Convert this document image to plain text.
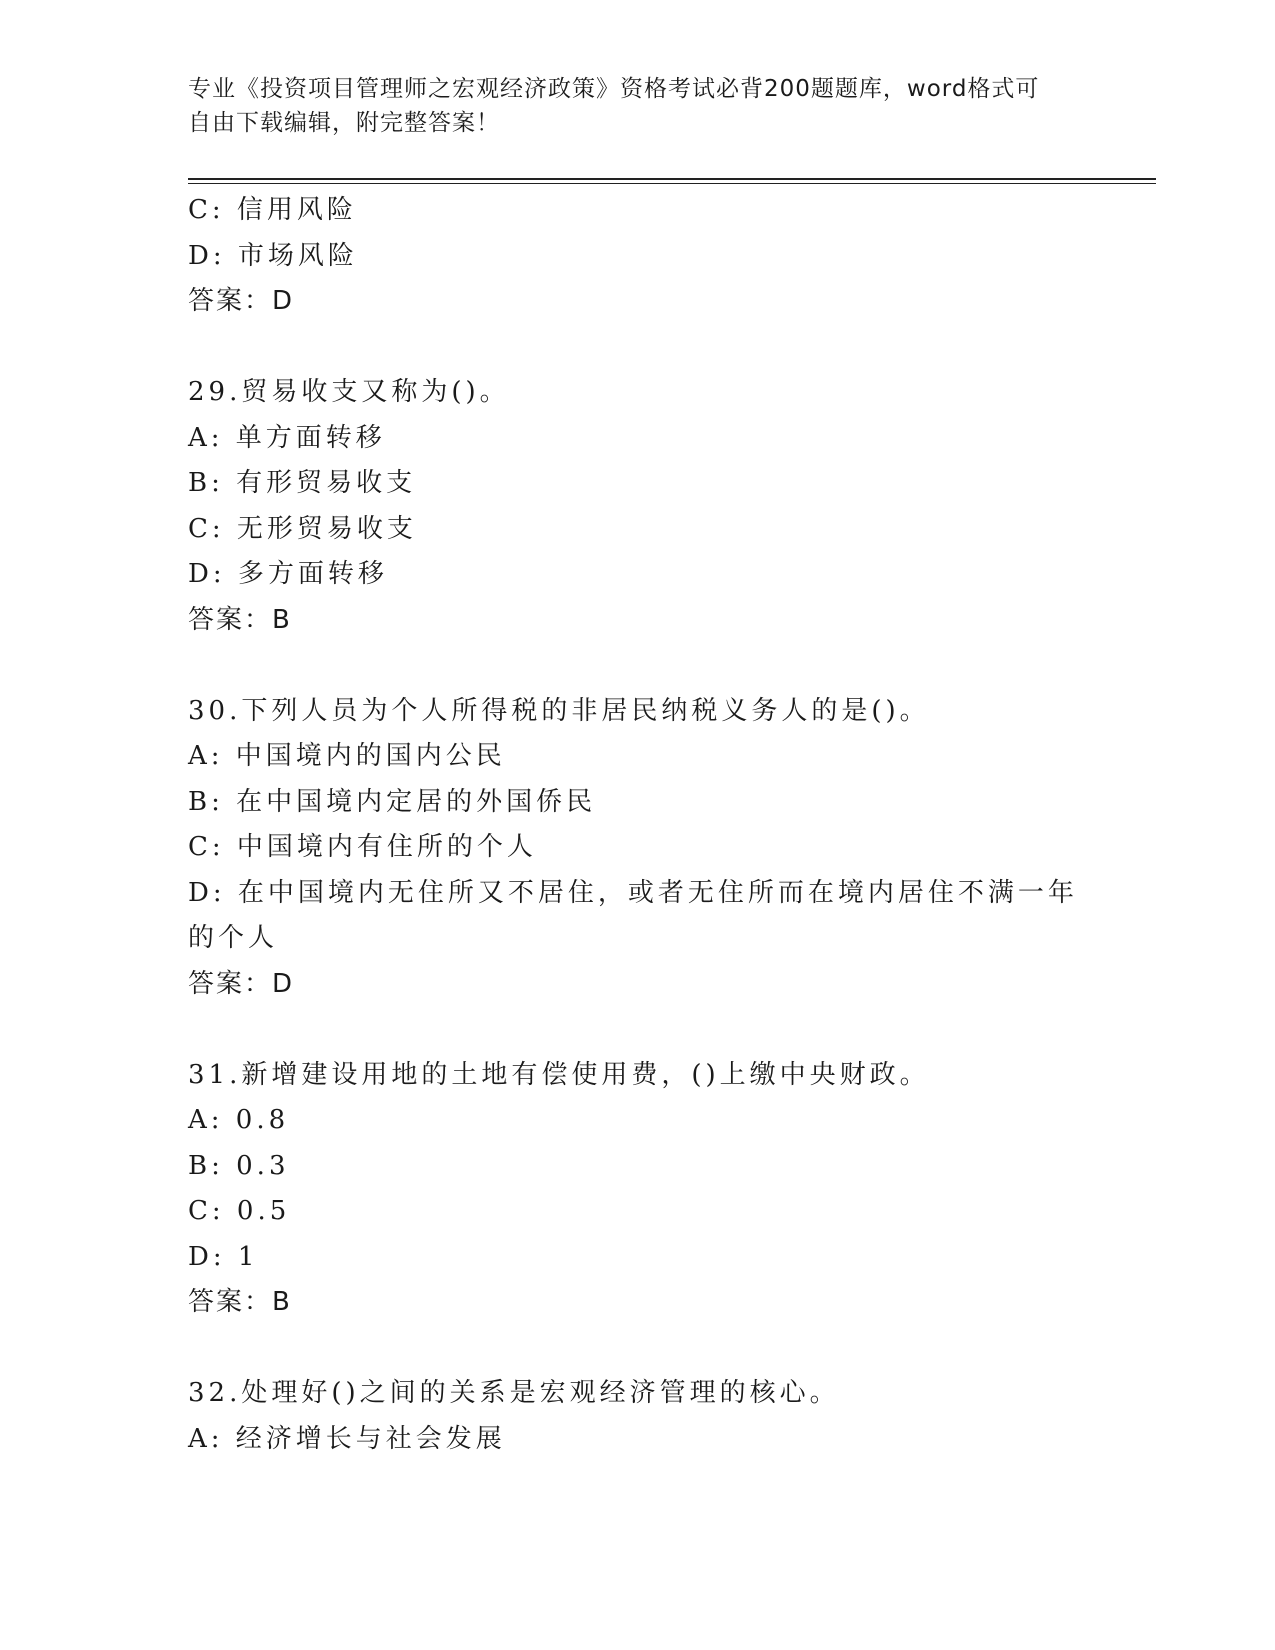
专业《投资项目管理师之宏观经济政策》资格考试必背200题题库，word格式可
自由下载编辑，附完整答案！
C: 信用风险
D: 市场风险
答案：D
29.贸易收支又称为()。
A: 单方面转移
B: 有形贸易收支
C: 无形贸易收支
D: 多方面转移
答案：B
30.下列人员为个人所得税的非居民纳税义务人的是()。
A: 中国境内的国内公民
B: 在中国境内定居的外国侨民
C: 中国境内有住所的个人
D: 在中国境内无住所又不居住，或者无住所而在境内居住不满一年的个人
答案：D
31.新增建设用地的土地有偿使用费，()上缴中央财政。
A: 0.8
B: 0.3
C: 0.5
D: 1
答案：B
32.处理好()之间的关系是宏观经济管理的核心。
A: 经济增长与社会发展
